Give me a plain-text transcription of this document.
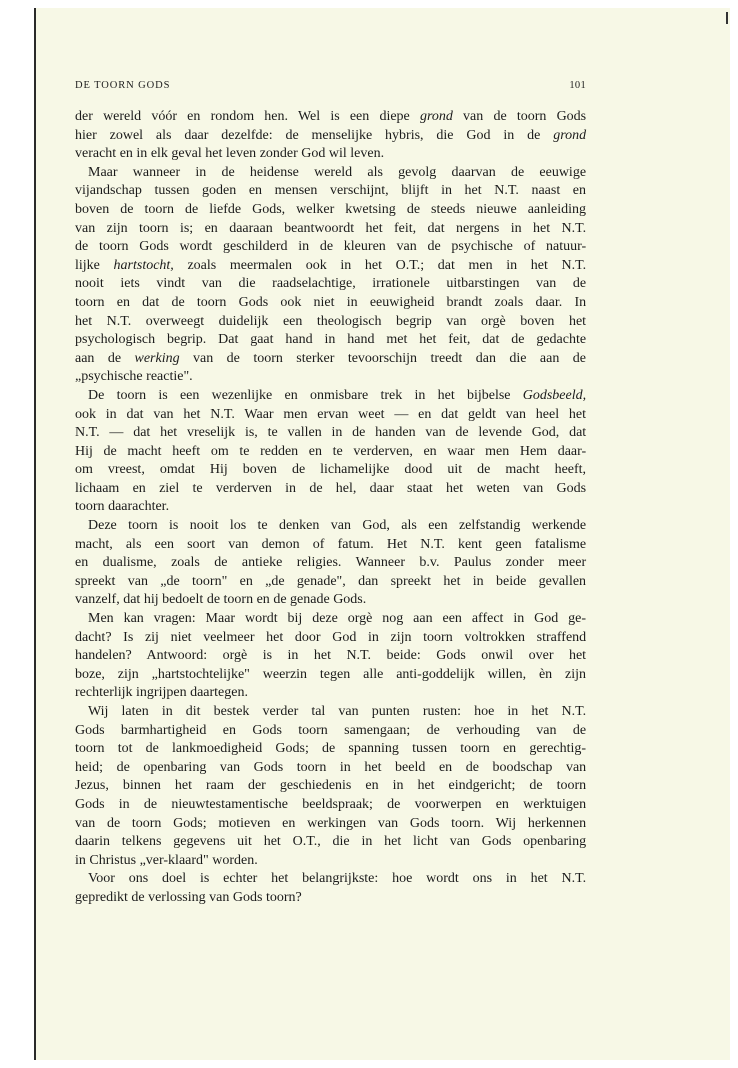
DE TOORN GODS	101

der wereld vóór en rondom hen. Wel is een diepe grond van de toorn Gods
hier zowel als daar dezelfde: de menselijke hybris, die God in de grond
veracht en in elk geval het leven zonder God wil leven.

Maar wanneer in de heidense wereld als gevolg daarvan de eeuwige
vijandschap tussen goden en mensen verschijnt, blijft in het N.T. naast en
boven de toorn de liefde Gods, welker kwetsing de steeds nieuwe aanleiding
van zijn toorn is; en daaraan beantwoordt het feit, dat nergens in het N.T.
de toorn Gods wordt geschilderd in de kleuren van de psychische of natuur-
lijke hartstocht, zoals meermalen ook in het O.T.; dat men in het N.T.
nooit iets vindt van die raadselachtige, irrationele uitbarstingen van de
toorn en dat de toorn Gods ook niet in eeuwigheid brandt zoals daar. In
het N.T. overweegt duidelijk een theologisch begrip van orgè boven het
psychologisch begrip. Dat gaat hand in hand met het feit, dat de gedachte
aan de werking van de toorn sterker tevoorschijn treedt dan die aan de
„psychische reactie".

De toorn is een wezenlijke en onmisbare trek in het bijbelse Godsbeeld,
ook in dat van het N.T. Waar men ervan weet — en dat geldt van heel het
N.T. — dat het vreselijk is, te vallen in de handen van de levende God, dat
Hij de macht heeft om te redden en te verderven, en waar men Hem daar-
om vreest, omdat Hij boven de lichamelijke dood uit de macht heeft,
lichaam en ziel te verderven in de hel, daar staat het weten van Gods
toorn daarachter.

Deze toorn is nooit los te denken van God, als een zelfstandig werkende
macht, als een soort van demon of fatum. Het N.T. kent geen fatalisme
en dualisme, zoals de antieke religies. Wanneer b.v. Paulus zonder meer
spreekt van „de toorn" en „de genade", dan spreekt het in beide gevallen
vanzelf, dat hij bedoelt de toorn en de genade Gods.

Men kan vragen: Maar wordt bij deze orgè nog aan een affect in God ge-
dacht? Is zij niet veelmeer het door God in zijn toorn voltrokken straffend
handelen? Antwoord: orgè is in het N.T. beide: Gods onwil over het
boze, zijn „hartstochtelijke" weerzin tegen alle anti-goddelijk willen, èn zijn
rechterlijk ingrijpen daartegen.

Wij laten in dit bestek verder tal van punten rusten: hoe in het N.T.
Gods barmhartigheid en Gods toorn samengaan; de verhouding van de
toorn tot de lankmoedigheid Gods; de spanning tussen toorn en gerechtig-
heid; de openbaring van Gods toorn in het beeld en de boodschap van
Jezus, binnen het raam der geschiedenis en in het eindgericht; de toorn
Gods in de nieuwtestamentische beeldspraak; de voorwerpen en werktuigen
van de toorn Gods; motieven en werkingen van Gods toorn. Wij herkennen
daarin telkens gegevens uit het O.T., die in het licht van Gods openbaring
in Christus „ver-klaard" worden.

Voor ons doel is echter het belangrijkste: hoe wordt ons in het N.T.
gepredikt de verlossing van Gods toorn?
